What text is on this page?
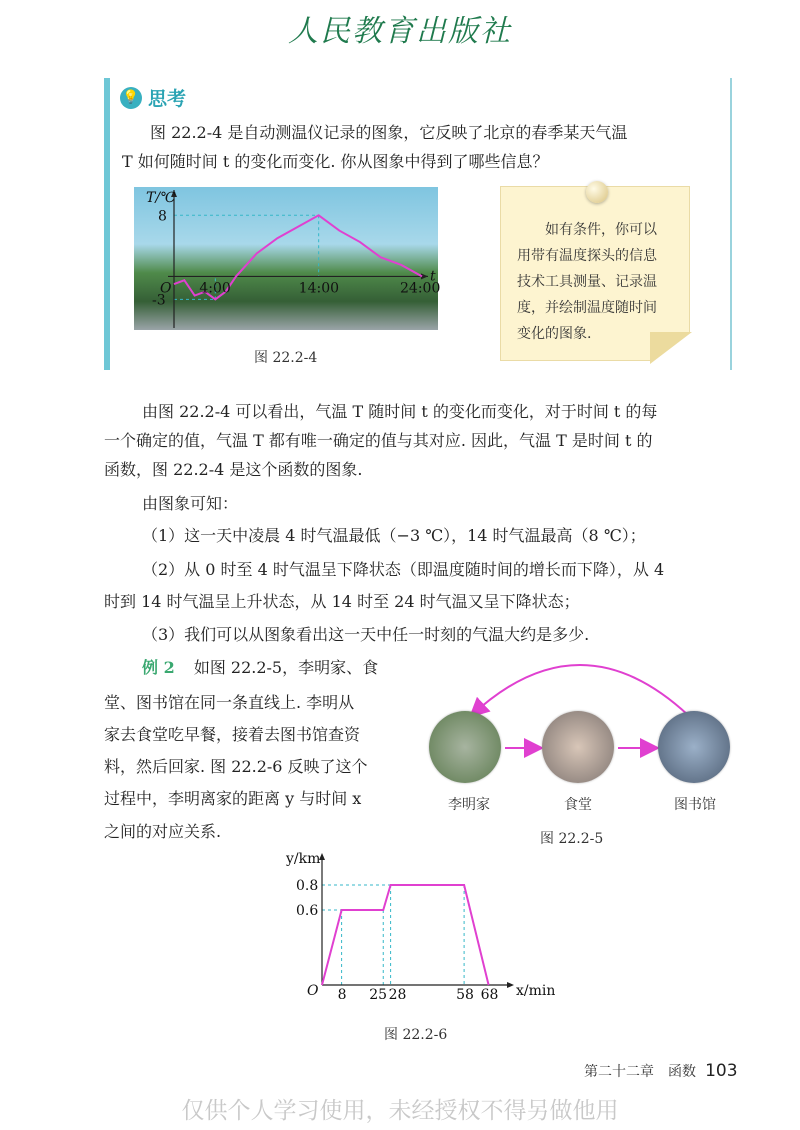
人民教育出版社
💡 思考
图 22.2-4 是自动测温仪记录的图象，它反映了北京的春季某天气温
T 如何随时间 t 的变化而变化. 你从图象中得到了哪些信息？
T/℃
t
8
-3
O 4:00	14:00	24:00
图 22.2-4
如有条件，你可以
用带有温度探头的信息
技术工具测量、记录温
度，并绘制温度随时间
变化的图象.
由图 22.2-4 可以看出，气温 T 随时间 t 的变化而变化，对于时间 t 的每
一个确定的值，气温 T 都有唯一确定的值与其对应. 因此，气温 T 是时间 t 的
函数，图 22.2-4 是这个函数的图象.
由图象可知：
（1）这一天中凌晨 4 时气温最低（−3 ℃），14 时气温最高（8 ℃）；
（2）从 0 时至 4 时气温呈下降状态（即温度随时间的增长而下降），从 4
时到 14 时气温呈上升状态，从 14 时至 24 时气温又呈下降状态；
（3）我们可以从图象看出这一天中任一时刻的气温大约是多少.
例 2 如图 22.2-5，李明家、食
堂、图书馆在同一条直线上. 李明从
家去食堂吃早餐，接着去图书馆查资
料，然后回家. 图 22.2-6 反映了这个
过程中，李明离家的距离 y 与时间 x
之间的对应关系.
李明家	食堂	图书馆
图 22.2-5
y/km
x/min
0.6
0.8
O 8 25 28	58 68
图 22.2-6
第二十二章　函数 103
仅供个人学习使用，未经授权不得另做他用
